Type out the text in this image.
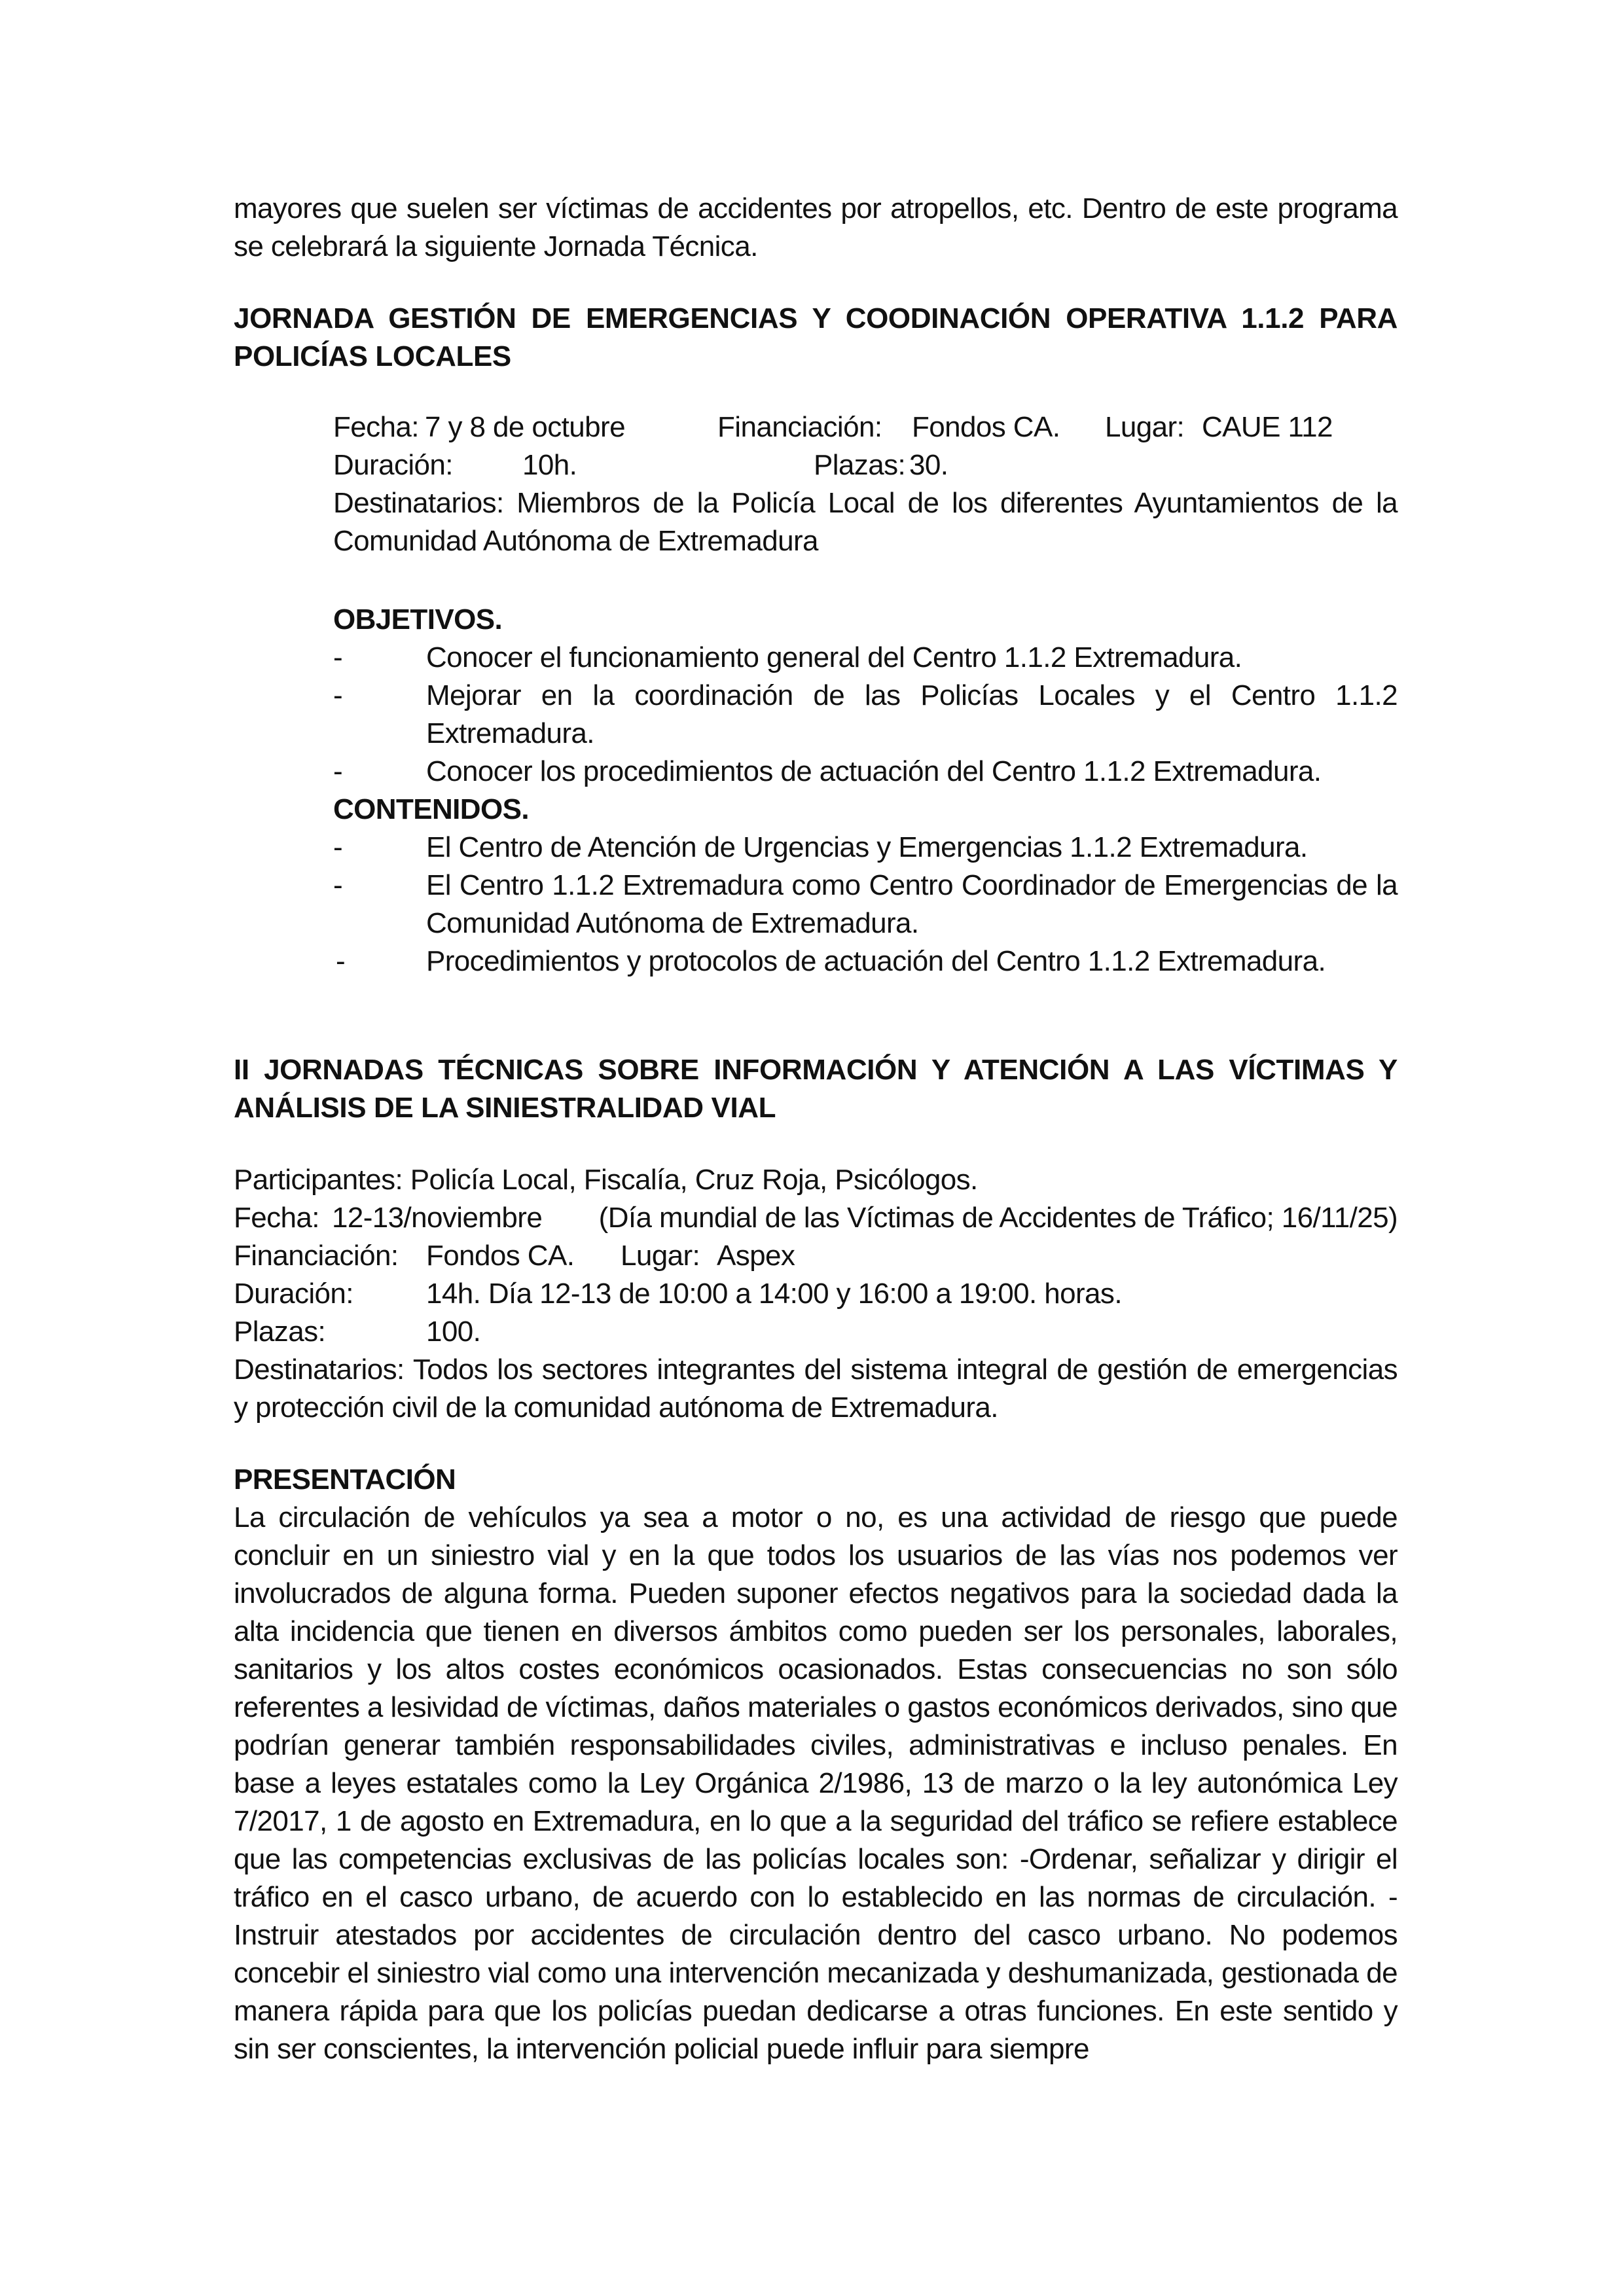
mayores que suelen ser víctimas de accidentes por atropellos, etc. Dentro de este programa se celebrará la siguiente Jornada Técnica.

JORNADA GESTIÓN DE EMERGENCIAS Y COODINACIÓN OPERATIVA 1.1.2 PARA POLICÍAS LOCALES

Fecha: 7 y 8 de octubre	Financiación:	Fondos CA.	Lugar: CAUE 112
Duración:	10h.	Plazas: 30.

Destinatarios: Miembros de la Policía Local de los diferentes Ayuntamientos de la Comunidad Autónoma de Extremadura

OBJETIVOS.

-	Conocer el funcionamiento general del Centro 1.1.2 Extremadura.
-	Mejorar en la coordinación de las Policías Locales y el Centro 1.1.2 Extremadura.
-	Conocer los procedimientos de actuación del Centro 1.1.2 Extremadura.

CONTENIDOS.

-	El Centro de Atención de Urgencias y Emergencias 1.1.2 Extremadura.
-	El Centro 1.1.2 Extremadura como Centro Coordinador de Emergencias de la Comunidad Autónoma de Extremadura.
-	Procedimientos y protocolos de actuación del Centro 1.1.2 Extremadura.

II JORNADAS TÉCNICAS SOBRE INFORMACIÓN Y ATENCIÓN A LAS VÍCTIMAS Y ANÁLISIS DE LA SINIESTRALIDAD VIAL

Participantes: Policía Local, Fiscalía, Cruz Roja, Psicólogos.

Fecha: 12-13/noviembre	(Día mundial de las Víctimas de Accidentes de Tráfico; 16/11/25)
Financiación: Fondos CA.	Lugar: Aspex
Duración:	14h. Día 12-13 de 10:00 a 14:00 y 16:00 a 19:00. horas.
Plazas:	100.

Destinatarios: Todos los sectores integrantes del sistema integral de gestión de emergencias y protección civil de la comunidad autónoma de Extremadura.

PRESENTACIÓN

La circulación de vehículos ya sea a motor o no, es una actividad de riesgo que puede concluir en un siniestro vial y en la que todos los usuarios de las vías nos podemos ver involucrados de alguna forma. Pueden suponer efectos negativos para la sociedad dada la alta incidencia que tienen en diversos ámbitos como pueden ser los personales, laborales, sanitarios y los altos costes económicos ocasionados. Estas consecuencias no son sólo referentes a lesividad de víctimas, daños materiales o gastos económicos derivados, sino que podrían generar también responsabilidades civiles, administrativas e incluso penales. En base a leyes estatales como la Ley Orgánica 2/1986, 13 de marzo o la ley autonómica Ley 7/2017, 1 de agosto en Extremadura, en lo que a la seguridad del tráfico se refiere establece que las competencias exclusivas de las policías locales son: -Ordenar, señalizar y dirigir el tráfico en el casco urbano, de acuerdo con lo establecido en las normas de circulación. -Instruir atestados por accidentes de circulación dentro del casco urbano. No podemos concebir el siniestro vial como una intervención mecanizada y deshumanizada, gestionada de manera rápida para que los policías puedan dedicarse a otras funciones. En este sentido y sin ser conscientes, la intervención policial puede influir para siempre
